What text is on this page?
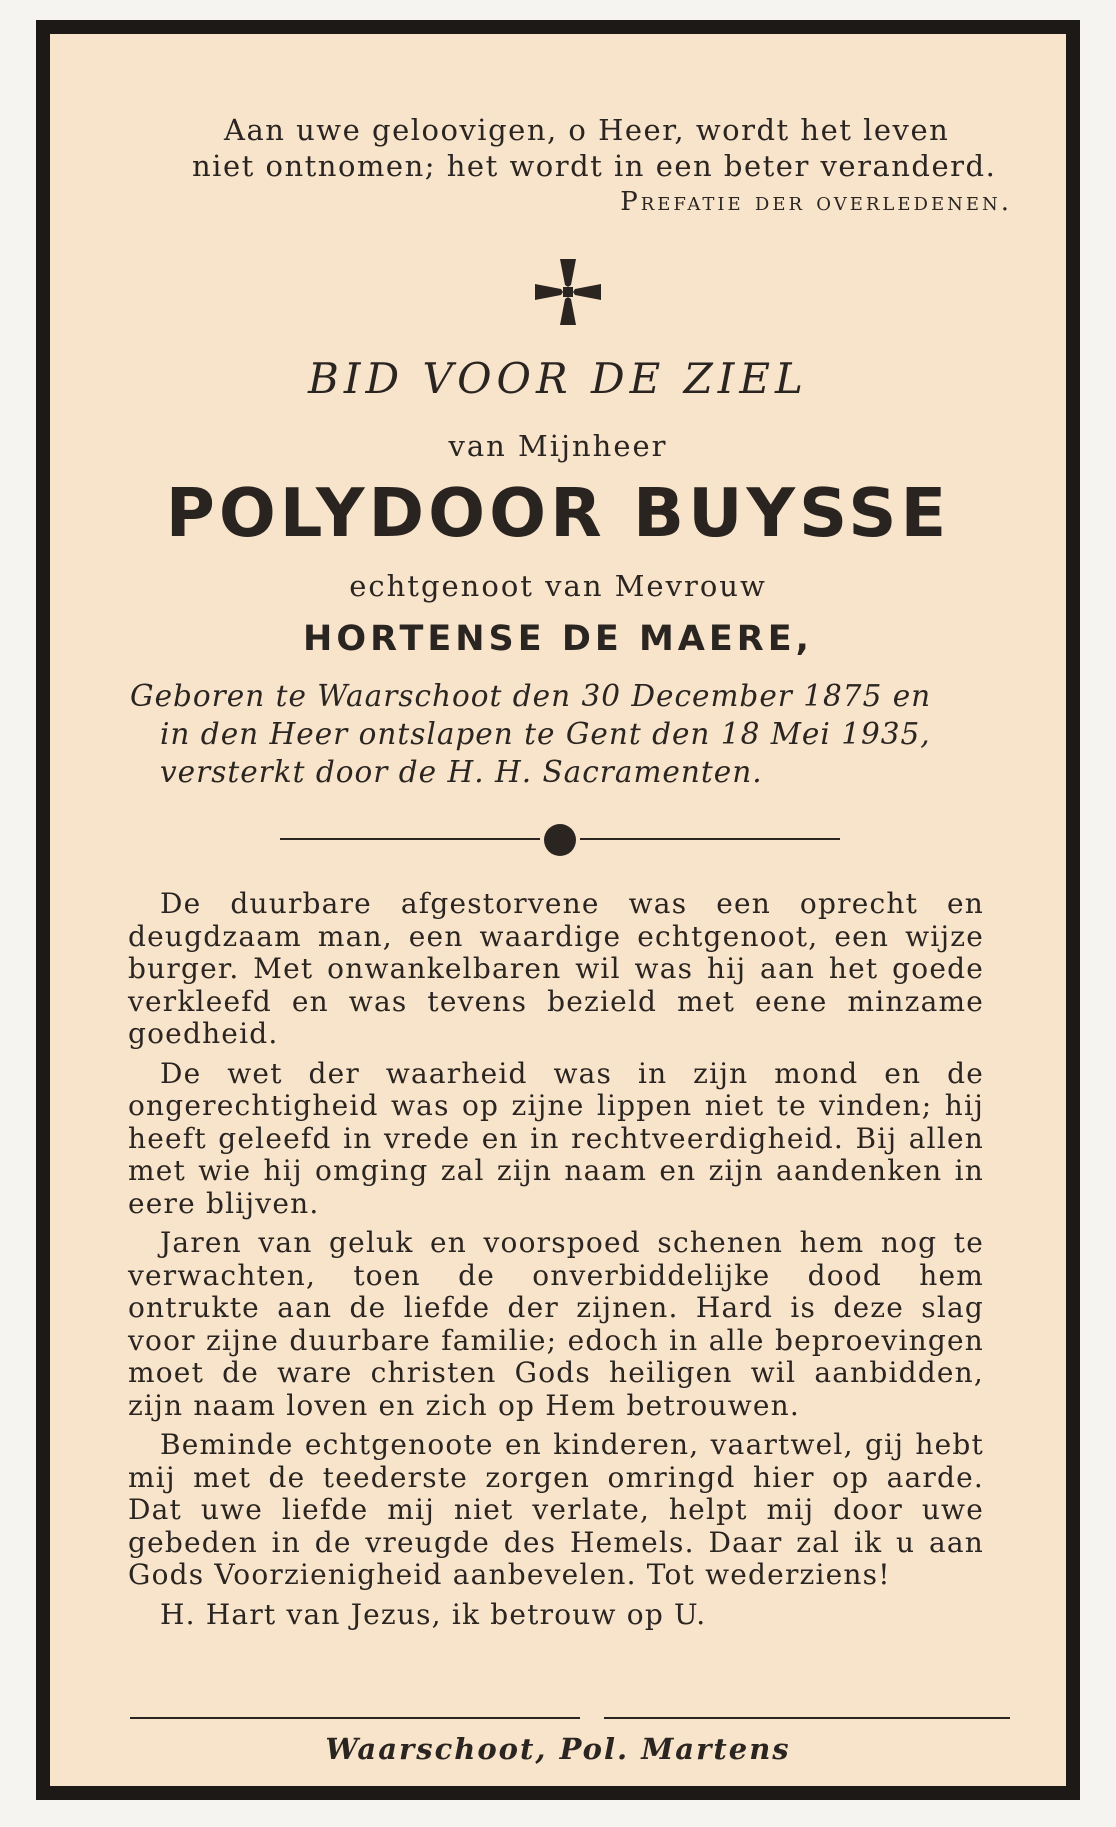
Aan uwe geloovigen, o Heer, wordt het leven

niet ontnomen; het wordt in een beter veranderd.

Prefatie der overledenen.

BID VOOR DE ZIEL
van Mijnheer
POLYDOOR BUYSSE
echtgenoot van Mevrouw
HORTENSE DE MAERE,

Geboren te Waarschoot den 30 December 1875 en

in den Heer ontslapen te Gent den 18 Mei 1935,

versterkt door de H. H. Sacramenten.

De duurbare afgestorvene was een oprecht en deugdzaam man, een waardige echtgenoot, een wijze burger. Met onwankelbaren wil was hij aan het goede verkleefd en was tevens bezield met eene minzame goedheid.

De wet der waarheid was in zijn mond en de ongerechtigheid was op zijne lippen niet te vinden; hij heeft geleefd in vrede en in rechtveerdigheid. Bij allen met wie hij omging zal zijn naam en zijn aandenken in eere blijven.

Jaren van geluk en voorspoed schenen hem nog te verwachten, toen de onverbiddelijke dood hem ontrukte aan de liefde der zijnen. Hard is deze slag voor zijne duurbare familie; edoch in alle beproevingen moet de ware christen Gods heiligen wil aanbidden, zijn naam loven en zich op Hem betrouwen.

Beminde echtgenoote en kinderen, vaartwel, gij hebt mij met de teederste zorgen omringd hier op aarde. Dat uwe liefde mij niet verlate, helpt mij door uwe gebeden in de vreugde des Hemels. Daar zal ik u aan Gods Voorzienigheid aanbevelen. Tot wederziens!

H. Hart van Jezus, ik betrouw op U.

Waarschoot, Pol. Martens
